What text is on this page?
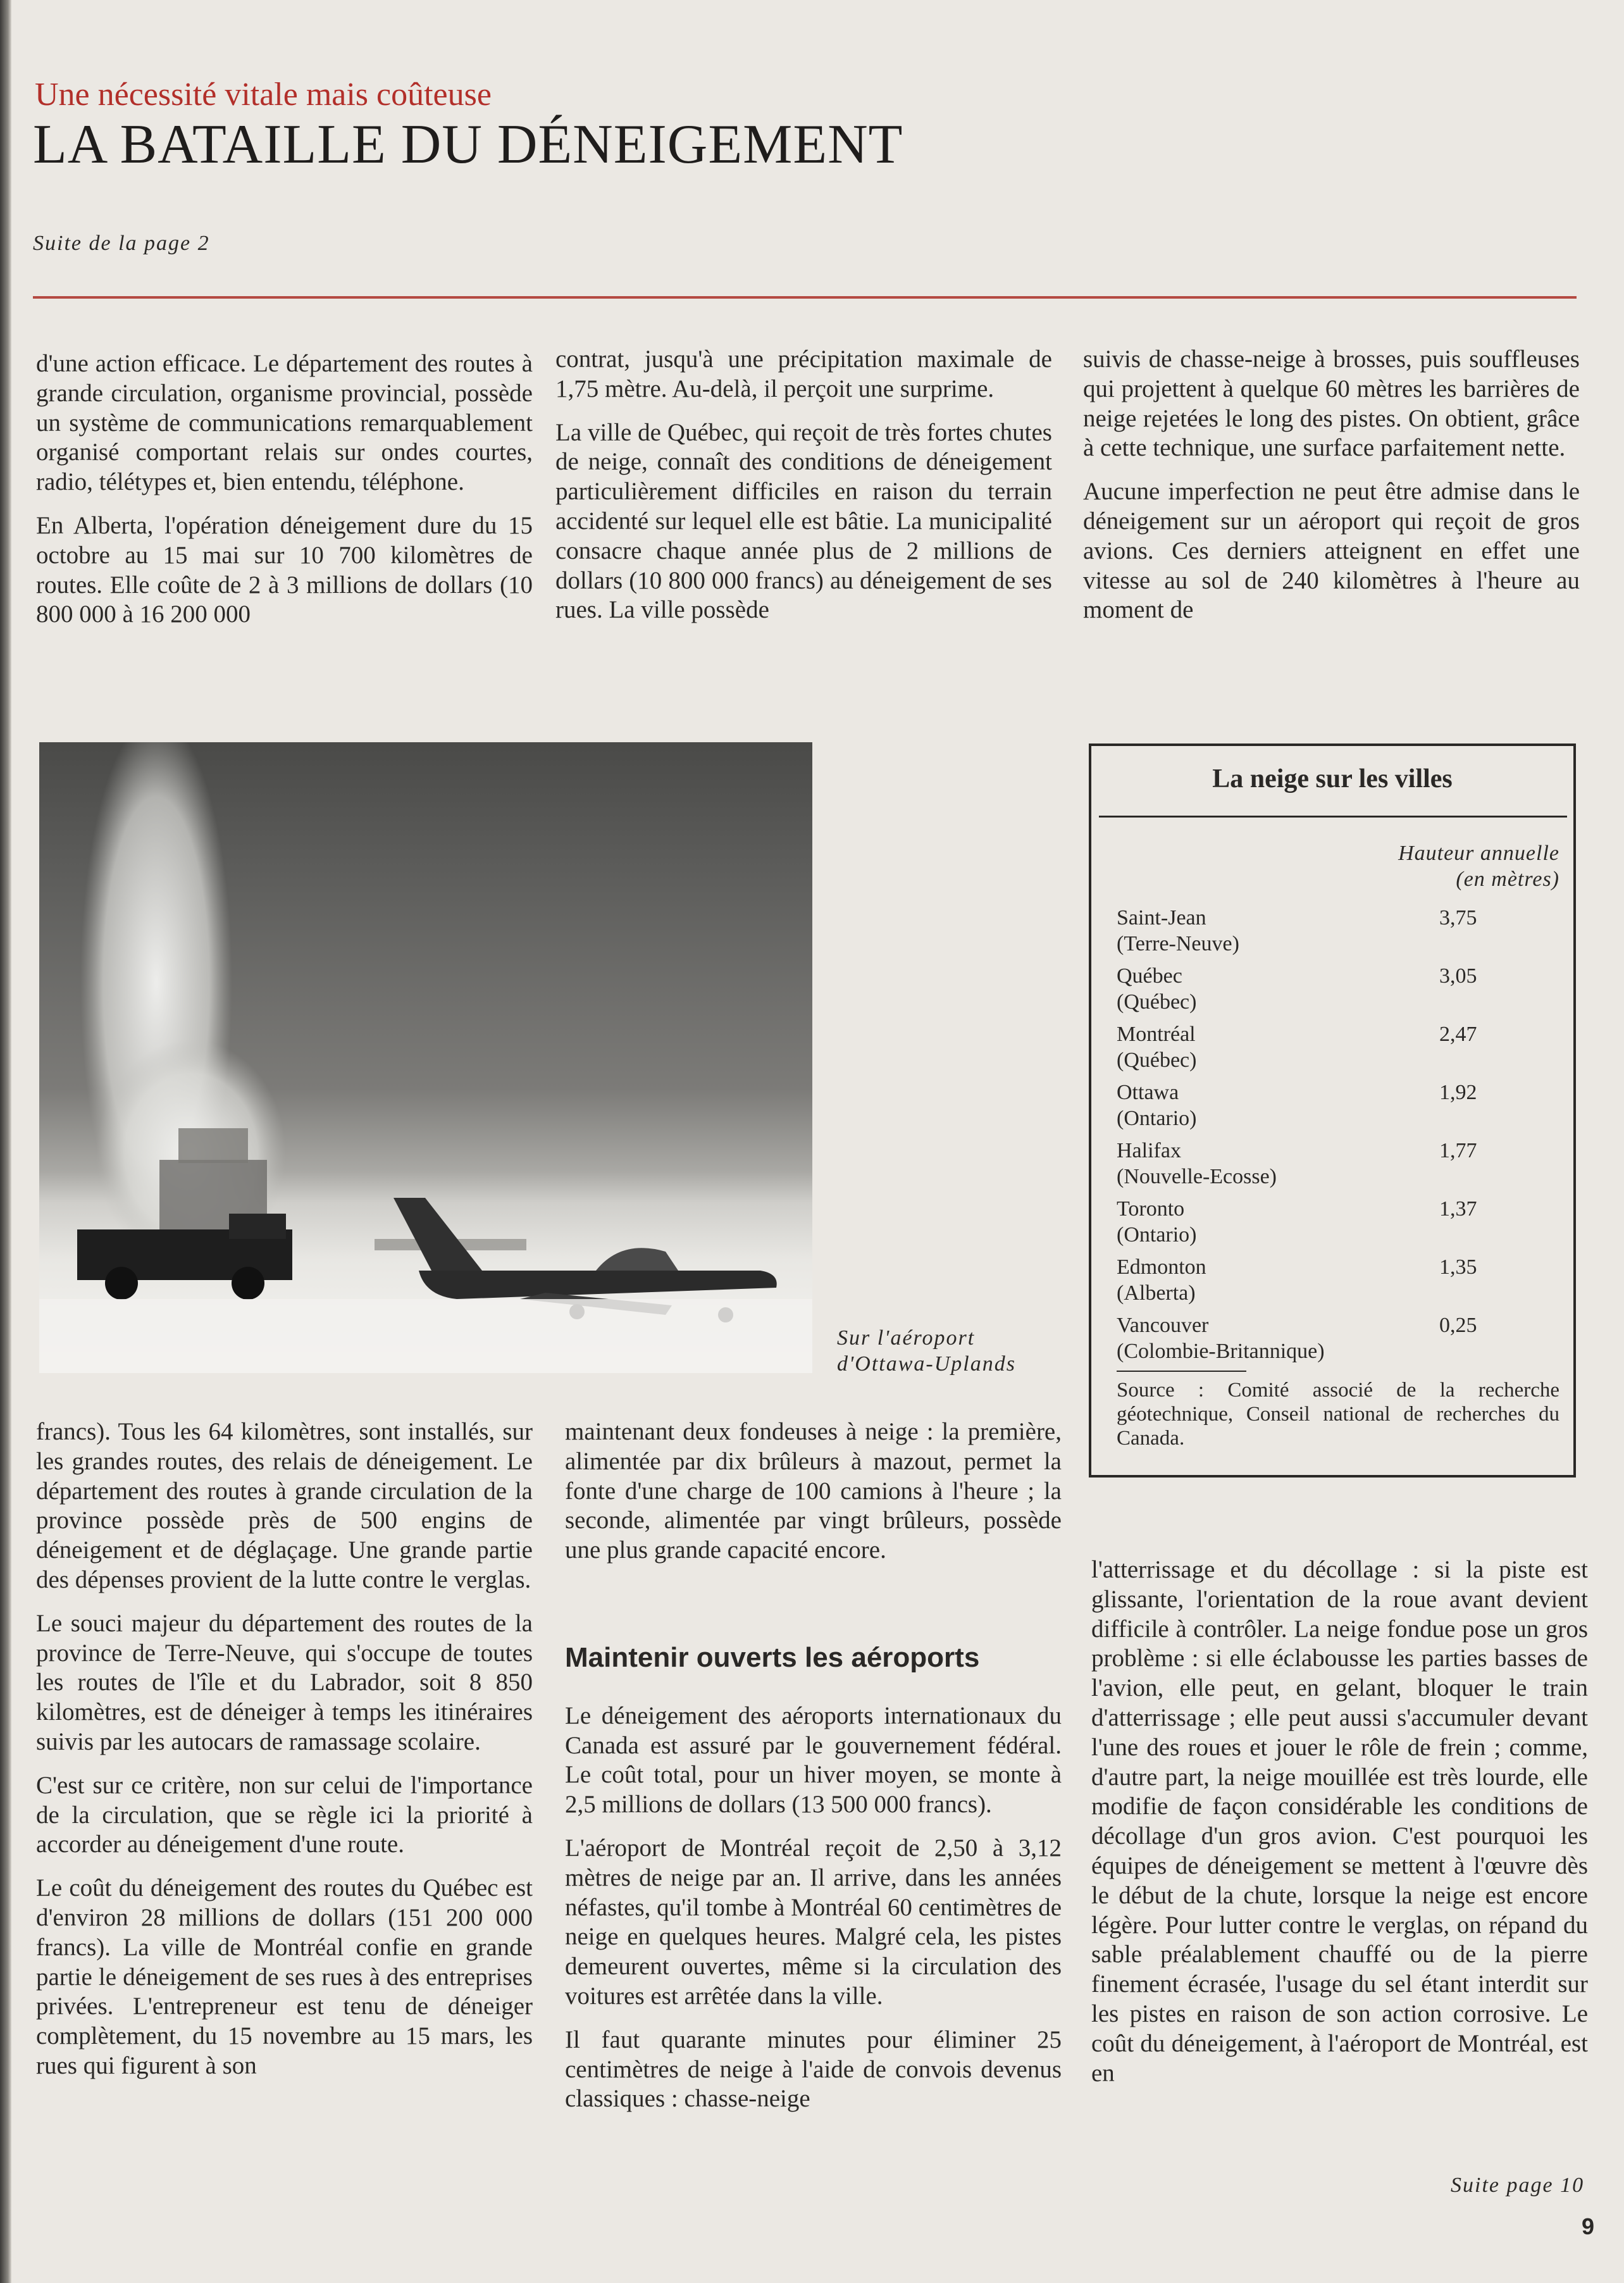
Une nécessité vitale mais coûteuse
LA BATAILLE DU DÉNEIGEMENT
Suite de la page 2

d'une action efficace. Le département des routes à grande circulation, organisme provincial, possède un système de communications remarquablement organisé comportant relais sur ondes courtes, radio, télétypes et, bien entendu, téléphone.

En Alberta, l'opération déneigement dure du 15 octobre au 15 mai sur 10 700 kilomètres de routes. Elle coûte de 2 à 3 millions de dollars (10 800 000 à 16 200 000

contrat, jusqu'à une précipitation maximale de 1,75 mètre. Au-delà, il perçoit une surprime.

La ville de Québec, qui reçoit de très fortes chutes de neige, connaît des conditions de déneigement particulièrement difficiles en raison du terrain accidenté sur lequel elle est bâtie. La municipalité consacre chaque année plus de 2 millions de dollars (10 800 000 francs) au déneigement de ses rues. La ville possède

suivis de chasse-neige à brosses, puis souffleuses qui projettent à quelque 60 mètres les barrières de neige rejetées le long des pistes. On obtient, grâce à cette technique, une surface parfaitement nette.

Aucune imperfection ne peut être admise dans le déneigement sur un aéroport qui reçoit de gros avions. Ces derniers atteignent en effet une vitesse au sol de 240 kilomètres à l'heure au moment de

Sur l'aéroport
d'Ottawa-Uplands
La neige sur les villes
Hauteur annuelle
(en mètres)
Saint-Jean
(Terre-Neuve)
3,75
Québec
(Québec)
3,05
Montréal
(Québec)
2,47
Ottawa
(Ontario)
1,92
Halifax
(Nouvelle-Ecosse)
1,77
Toronto
(Ontario)
1,37
Edmonton
(Alberta)
1,35
Vancouver
(Colombie-Britannique)
0,25
Source : Comité associé de la recherche géotechnique, Conseil national de recherches du Canada.

francs). Tous les 64 kilomètres, sont installés, sur les grandes routes, des relais de déneigement. Le département des routes à grande circulation de la province possède près de 500 engins de déneigement et de déglaçage. Une grande partie des dépenses provient de la lutte contre le verglas.

Le souci majeur du département des routes de la province de Terre-Neuve, qui s'occupe de toutes les routes de l'île et du Labrador, soit 8 850 kilomètres, est de déneiger à temps les itinéraires suivis par les autocars de ramassage scolaire.

C'est sur ce critère, non sur celui de l'importance de la circulation, que se règle ici la priorité à accorder au déneigement d'une route.

Le coût du déneigement des routes du Québec est d'environ 28 millions de dollars (151 200 000 francs). La ville de Montréal confie en grande partie le déneigement de ses rues à des entreprises privées. L'entrepreneur est tenu de déneiger complètement, du 15 novembre au 15 mars, les rues qui figurent à son

maintenant deux fondeuses à neige : la première, alimentée par dix brûleurs à mazout, permet la fonte d'une charge de 100 camions à l'heure ; la seconde, alimentée par vingt brûleurs, possède une plus grande capacité encore.

Maintenir ouverts les aéroports

Le déneigement des aéroports internationaux du Canada est assuré par le gouvernement fédéral. Le coût total, pour un hiver moyen, se monte à 2,5 millions de dollars (13 500 000 francs).

L'aéroport de Montréal reçoit de 2,50 à 3,12 mètres de neige par an. Il arrive, dans les années néfastes, qu'il tombe à Montréal 60 centimètres de neige en quelques heures. Malgré cela, les pistes demeurent ouvertes, même si la circulation des voitures est arrêtée dans la ville.

Il faut quarante minutes pour éliminer 25 centimètres de neige à l'aide de convois devenus classiques : chasse-neige

l'atterrissage et du décollage : si la piste est glissante, l'orientation de la roue avant devient difficile à contrôler. La neige fondue pose un gros problème : si elle éclabousse les parties basses de l'avion, elle peut, en gelant, bloquer le train d'atterrissage ; elle peut aussi s'accumuler devant l'une des roues et jouer le rôle de frein ; comme, d'autre part, la neige mouillée est très lourde, elle modifie de façon considérable les conditions de décollage d'un gros avion. C'est pourquoi les équipes de déneigement se mettent à l'œuvre dès le début de la chute, lorsque la neige est encore légère. Pour lutter contre le verglas, on répand du sable préalablement chauffé ou de la pierre finement écrasée, l'usage du sel étant interdit sur les pistes en raison de son action corrosive. Le coût du déneigement, à l'aéroport de Montréal, est en

Suite page 10
9
